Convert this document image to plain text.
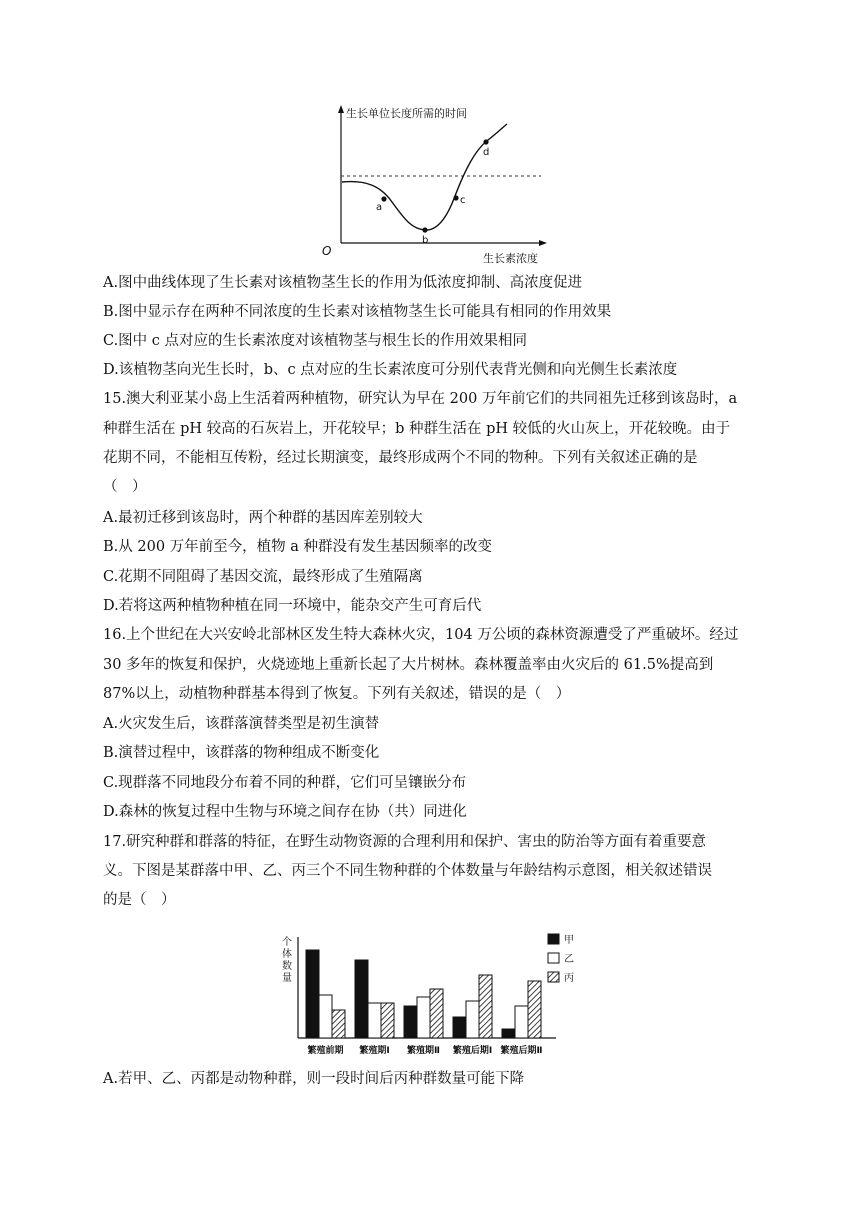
生长单位长度所需的时间
生长素浓度
O
a
b
c
d
A.图中曲线体现了生长素对该植物茎生长的作用为低浓度抑制、高浓度促进
B.图中显示存在两种不同浓度的生长素对该植物茎生长可能具有相同的作用效果
C.图中 c 点对应的生长素浓度对该植物茎与根生长的作用效果相同
D.该植物茎向光生长时，b、c 点对应的生长素浓度可分别代表背光侧和向光侧生长素浓度
15.澳大利亚某小岛上生活着两种植物，研究认为早在 200 万年前它们的共同祖先迁移到该岛时，a
种群生活在 pH 较高的石灰岩上，开花较早；b 种群生活在 pH 较低的火山灰上，开花较晚。由于
花期不同，不能相互传粉，经过长期演变，最终形成两个不同的物种。下列有关叙述正确的是
（　）
A.最初迁移到该岛时，两个种群的基因库差别较大
B.从 200 万年前至今，植物 a 种群没有发生基因频率的改变
C.花期不同阻碍了基因交流，最终形成了生殖隔离
D.若将这两种植物种植在同一环境中，能杂交产生可育后代
16.上个世纪在大兴安岭北部林区发生特大森林火灾，104 万公顷的森林资源遭受了严重破坏。经过
30 多年的恢复和保护，火烧迹地上重新长起了大片树林。森林覆盖率由火灾后的 61.5%提高到
87%以上，动植物种群基本得到了恢复。下列有关叙述，错误的是（　）
A.火灾发生后，该群落演替类型是初生演替
B.演替过程中，该群落的物种组成不断变化
C.现群落不同地段分布着不同的种群，它们可呈镶嵌分布
D.森林的恢复过程中生物与环境之间存在协（共）同进化
17.研究种群和群落的特征，在野生动物资源的合理利用和保护、害虫的防治等方面有着重要意
义。下图是某群落中甲、乙、丙三个不同生物种群的个体数量与年龄结构示意图，相关叙述错误
的是（　）
个体数量
繁殖前期 繁殖期Ⅰ 繁殖期Ⅱ 繁殖后期Ⅰ 繁殖后期Ⅱ
甲
乙
丙
A.若甲、乙、丙都是动物种群，则一段时间后丙种群数量可能下降
